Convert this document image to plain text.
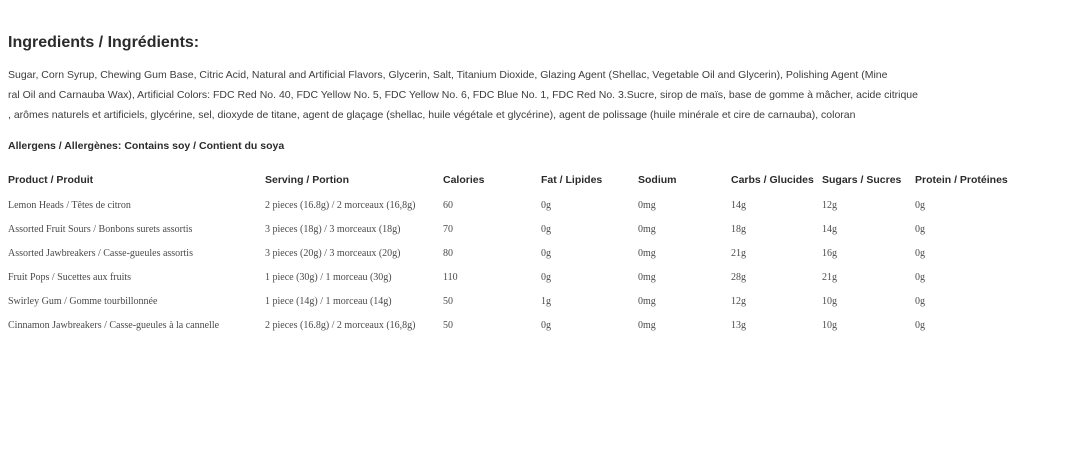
Ingredients / Ingrédients:
Sugar, Corn Syrup, Chewing Gum Base, Citric Acid, Natural and Artificial Flavors, Glycerin, Salt, Titanium Dioxide, Glazing Agent (Shellac, Vegetable Oil and Glycerin), Polishing Agent (Mine
ral Oil and Carnauba Wax), Artificial Colors: FDC Red No. 40, FDC Yellow No. 5, FDC Yellow No. 6, FDC Blue No. 1, FDC Red No. 3.Sucre, sirop de maïs, base de gomme à mâcher, acide citrique
, arômes naturels et artificiels, glycérine, sel, dioxyde de titane, agent de glaçage (shellac, huile végétale et glycérine), agent de polissage (huile minérale et cire de carnauba), coloran
Allergens / Allergènes: Contains soy / Contient du soya
Product / Produit	Serving / Portion	Calories	Fat / Lipides	Sodium	Carbs / Glucides	Sugars / Sucres	Protein / Protéines
Lemon Heads / Têtes de citron	2 pieces (16.8g) / 2 morceaux (16,8g)	60	0g	0mg	14g	12g	0g
Assorted Fruit Sours / Bonbons surets assortis	3 pieces (18g) / 3 morceaux (18g)	70	0g	0mg	18g	14g	0g
Assorted Jawbreakers / Casse-gueules assortis	3 pieces (20g) / 3 morceaux (20g)	80	0g	0mg	21g	16g	0g
Fruit Pops / Sucettes aux fruits	1 piece (30g) / 1 morceau (30g)	110	0g	0mg	28g	21g	0g
Swirley Gum / Gomme tourbillonnée	1 piece (14g) / 1 morceau (14g)	50	1g	0mg	12g	10g	0g
Cinnamon Jawbreakers / Casse-gueules à la cannelle	2 pieces (16.8g) / 2 morceaux (16,8g)	50	0g	0mg	13g	10g	0g
